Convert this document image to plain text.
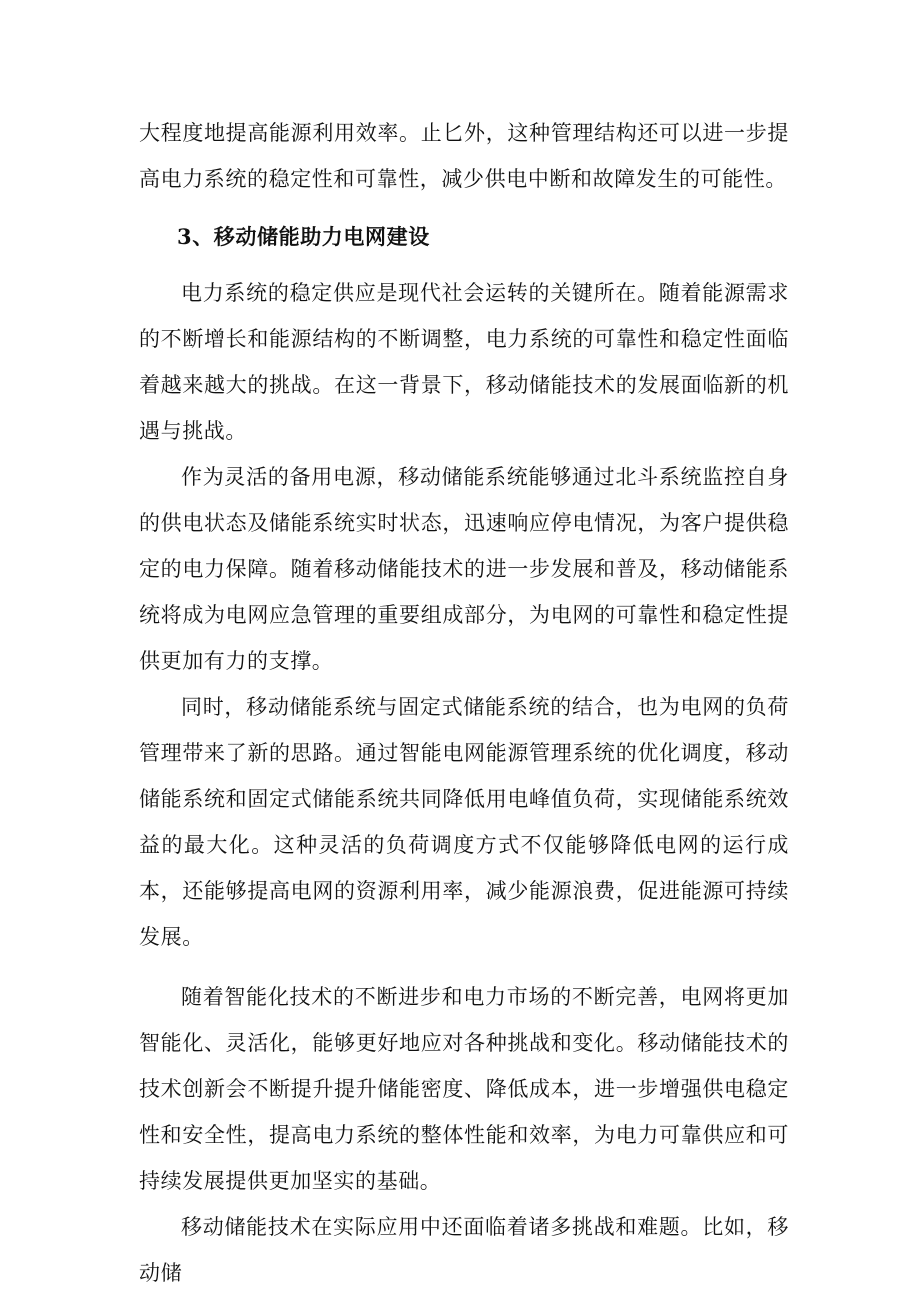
大程度地提高能源利用效率。止匕外，这种管理结构还可以进一步提高电力系统的稳定性和可靠性，减少供电中断和故障发生的可能性。

3、移动储能助力电网建设

电力系统的稳定供应是现代社会运转的关键所在。随着能源需求的不断增长和能源结构的不断调整，电力系统的可靠性和稳定性面临着越来越大的挑战。在这一背景下，移动储能技术的发展面临新的机遇与挑战。

作为灵活的备用电源，移动储能系统能够通过北斗系统监控自身的供电状态及储能系统实时状态，迅速响应停电情况，为客户提供稳定的电力保障。随着移动储能技术的进一步发展和普及，移动储能系统将成为电网应急管理的重要组成部分，为电网的可靠性和稳定性提供更加有力的支撑。

同时，移动储能系统与固定式储能系统的结合，也为电网的负荷管理带来了新的思路。通过智能电网能源管理系统的优化调度，移动储能系统和固定式储能系统共同降低用电峰值负荷，实现储能系统效益的最大化。这种灵活的负荷调度方式不仅能够降低电网的运行成本，还能够提高电网的资源利用率，减少能源浪费，促进能源可持续发展。

随着智能化技术的不断进步和电力市场的不断完善，电网将更加智能化、灵活化，能够更好地应对各种挑战和变化。移动储能技术的技术创新会不断提升提升储能密度、降低成本，进一步增强供电稳定性和安全性，提高电力系统的整体性能和效率，为电力可靠供应和可持续发展提供更加坚实的基础。

移动储能技术在实际应用中还面临着诸多挑战和难题。比如，移动储
